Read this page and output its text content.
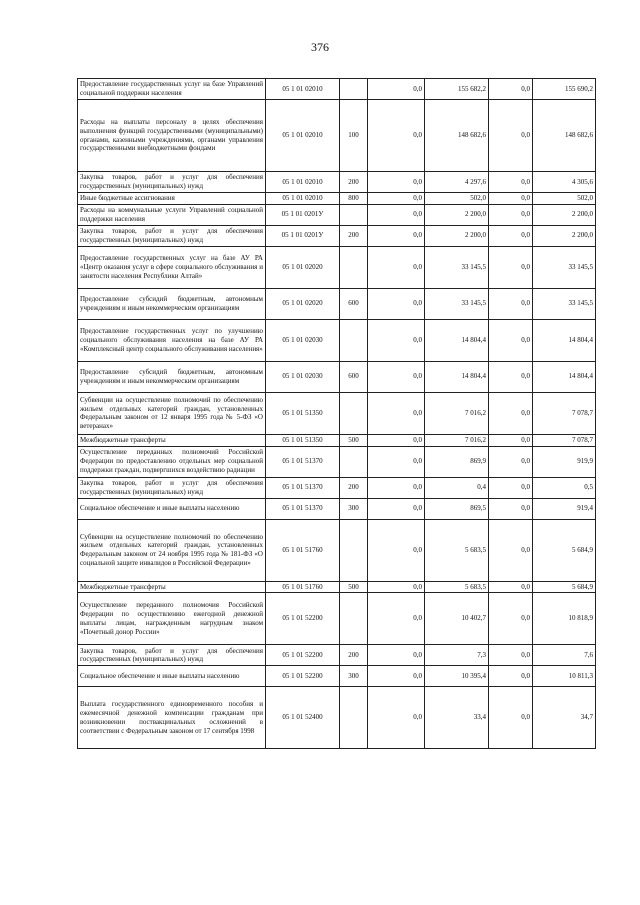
376
Предоставление государственных услуг на базе Управлений социальной поддержки населения	05 1 01 02010		0,0	155 682,2	0,0	155 690,2
Расходы на выплаты персоналу в целях обеспечения выполнения функций государственными (муниципальными) органами, казенными учреждениями, органами управления государственными внебюджетными фондами	05 1 01 02010	100	0,0	148 682,6	0,0	148 682,6
Закупка товаров, работ и услуг для обеспечения государственных (муниципальных) нужд	05 1 01 02010	200	0,0	4 297,6	0,0	4 305,6
Иные бюджетные ассигнования	05 1 01 02010	800	0,0	502,0	0,0	502,0
Расходы на коммунальные услуги Управлений социальной поддержки населения	05 1 01 0201У		0,0	2 200,0	0,0	2 200,0
Закупка товаров, работ и услуг для обеспечения государственных (муниципальных) нужд	05 1 01 0201У	200	0,0	2 200,0	0,0	2 200,0
Предоставление государственных услуг на базе АУ РА «Центр оказания услуг в сфере социального обслуживания и занятости населения Республики Алтай»	05 1 01 02020		0,0	33 145,5	0,0	33 145,5
Предоставление субсидий бюджетным, автономным учреждениям и иным некоммерческим организациям	05 1 01 02020	600	0,0	33 145,5	0,0	33 145,5
Предоставление государственных услуг по улучшению социального обслуживания населения на базе АУ РА «Комплексный центр социального обслуживания населения»	05 1 01 02030		0,0	14 804,4	0,0	14 804,4
Предоставление субсидий бюджетным, автономным учреждениям и иным некоммерческим организациям	05 1 01 02030	600	0,0	14 804,4	0,0	14 804,4
Субвенции на осуществление полномочий по обеспечению жильем отдельных категорий граждан, установленных Федеральным законом от 12 января 1995 года № 5-ФЗ «О ветеранах»	05 1 01 51350		0,0	7 016,2	0,0	7 078,7
Межбюджетные трансферты	05 1 01 51350	500	0,0	7 016,2	0,0	7 078,7
Осуществление переданных полномочий Российской Федерации по предоставлению отдельных мер социальной поддержки граждан, подвергшихся воздействию радиации	05 1 01 51370		0,0	869,9	0,0	919,9
Закупка товаров, работ и услуг для обеспечения государственных (муниципальных) нужд	05 1 01 51370	200	0,0	0,4	0,0	0,5
Социальное обеспечение и иные выплаты населению	05 1 01 51370	300	0,0	869,5	0,0	919,4
Субвенции на осуществление полномочий по обеспечению жильем отдельных категорий граждан, установленных Федеральным законом от 24 ноября 1995 года № 181-ФЗ «О социальной защите инвалидов в Российской Федерации»	05 1 01 51760		0,0	5 683,5	0,0	5 684,9
Межбюджетные трансферты	05 1 01 51760	500	0,0	5 683,5	0,0	5 684,9
Осуществление переданного полномочия Российской Федерации по осуществлению ежегодной денежной выплаты лицам, награжденным нагрудным знаком «Почетный донор России»	05 1 01 52200		0,0	10 402,7	0,0	10 818,9
Закупка товаров, работ и услуг для обеспечения государственных (муниципальных) нужд	05 1 01 52200	200	0,0	7,3	0,0	7,6
Социальное обеспечение и иные выплаты населению	05 1 01 52200	300	0,0	10 395,4	0,0	10 811,3
Выплата государственного единовременного пособия и ежемесячной денежной компенсации гражданам при возникновении поствакцинальных осложнений в соответствии с Федеральным законом от 17 сентября 1998	05 1 01 52400		0,0	33,4	0,0	34,7
